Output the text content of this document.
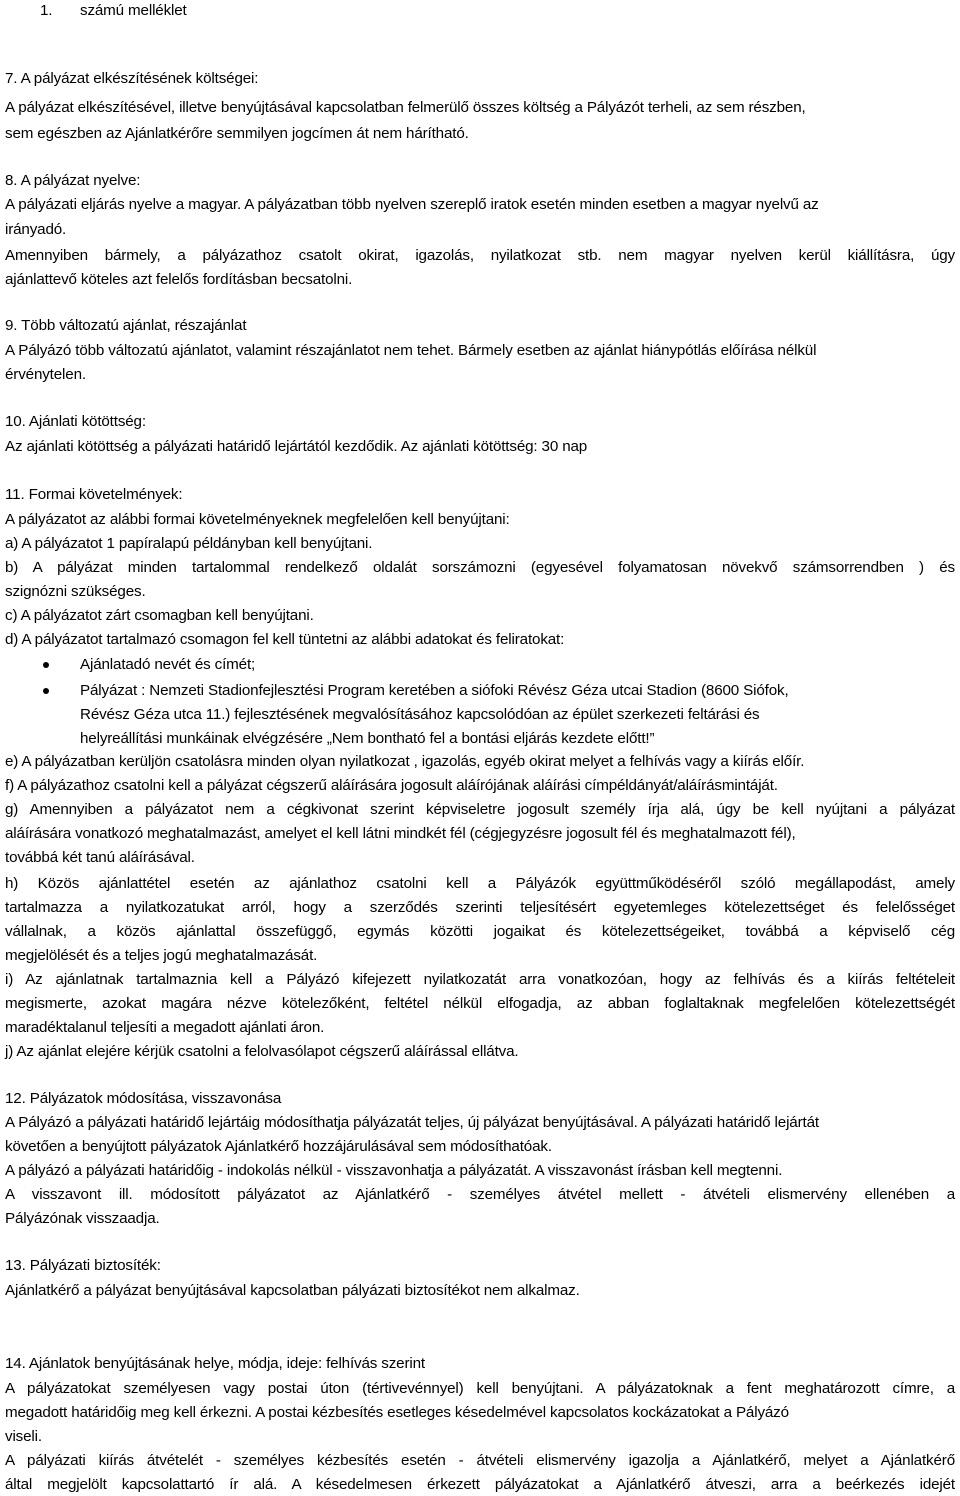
1. számú melléklet
7. A pályázat elkészítésének költségei:
A pályázat elkészítésével, illetve benyújtásával kapcsolatban felmerülő összes költség a Pályázót terheli, az sem részben,
sem egészben az Ajánlatkérőre semmilyen jogcímen át nem hárítható.
8. A pályázat nyelve:
A pályázati eljárás nyelve a magyar. A pályázatban több nyelven szereplő iratok esetén minden esetben a magyar nyelvű az
irányadó.
Amennyiben bármely, a pályázathoz csatolt okirat, igazolás, nyilatkozat stb. nem magyar nyelven kerül kiállításra, úgy
ajánlattevő köteles azt felelős fordításban becsatolni.
9. Több változatú ajánlat, részajánlat
A Pályázó több változatú ajánlatot, valamint részajánlatot nem tehet. Bármely esetben az ajánlat hiánypótlás előírása nélkül
érvénytelen.
10. Ajánlati kötöttség:
Az ajánlati kötöttség a pályázati határidő lejártától kezdődik. Az ajánlati kötöttség: 30 nap
11. Formai követelmények:
A pályázatot az alábbi formai követelményeknek megfelelően kell benyújtani:
a) A pályázatot 1 papíralapú példányban kell benyújtani.
b) A pályázat minden tartalommal rendelkező oldalát sorszámozni (egyesével folyamatosan növekvő számsorrendben ) és
szignózni szükséges.
c) A pályázatot zárt csomagban kell benyújtani.
d) A pályázatot tartalmazó csomagon fel kell tüntetni az alábbi adatokat és feliratokat:
Ajánlatadó nevét és címét;
Pályázat : Nemzeti Stadionfejlesztési Program keretében a siófoki Révész Géza utcai Stadion (8600 Siófok,
Révész Géza utca 11.) fejlesztésének megvalósításához kapcsolódóan az épület szerkezeti feltárási és
helyreállítási munkáinak elvégzésére „Nem bontható fel a bontási eljárás kezdete előtt!”
e) A pályázatban kerüljön csatolásra minden olyan nyilatkozat , igazolás, egyéb okirat melyet a felhívás vagy a kiírás előír.
f) A pályázathoz csatolni kell a pályázat cégszerű aláírására jogosult aláírójának aláírási címpéldányát/aláírásmintáját.
g) Amennyiben a pályázatot nem a cégkivonat szerint képviseletre jogosult személy írja alá, úgy be kell nyújtani a pályázat
aláírására vonatkozó meghatalmazást, amelyet el kell látni mindkét fél (cégjegyzésre jogosult fél és meghatalmazott fél),
továbbá két tanú aláírásával.
h) Közös ajánlattétel esetén az ajánlathoz csatolni kell a Pályázók együttműködéséről szóló megállapodást, amely
tartalmazza a nyilatkozatukat arról, hogy a szerződés szerinti teljesítésért egyetemleges kötelezettséget és felelősséget
vállalnak, a közös ajánlattal összefüggő, egymás közötti jogaikat és kötelezettségeiket, továbbá a képviselő cég
megjelölését és a teljes jogú meghatalmazását.
i) Az ajánlatnak tartalmaznia kell a Pályázó kifejezett nyilatkozatát arra vonatkozóan, hogy az felhívás és a kiírás feltételeit
megismerte, azokat magára nézve kötelezőként, feltétel nélkül elfogadja, az abban foglaltaknak megfelelően kötelezettségét
maradéktalanul teljesíti a megadott ajánlati áron.
j) Az ajánlat elejére kérjük csatolni a felolvasólapot cégszerű aláírással ellátva.
12. Pályázatok módosítása, visszavonása
A Pályázó a pályázati határidő lejártáig módosíthatja pályázatát teljes, új pályázat benyújtásával. A pályázati határidő lejártát
követően a benyújtott pályázatok Ajánlatkérő hozzájárulásával sem módosíthatóak.
A pályázó a pályázati határidőig - indokolás nélkül - visszavonhatja a pályázatát. A visszavonást írásban kell megtenni.
A visszavont ill. módosított pályázatot az Ajánlatkérő - személyes átvétel mellett - átvételi elismervény ellenében a
Pályázónak visszaadja.
13. Pályázati biztosíték:
Ajánlatkérő a pályázat benyújtásával kapcsolatban pályázati biztosítékot nem alkalmaz.
14. Ajánlatok benyújtásának helye, módja, ideje: felhívás szerint
A pályázatokat személyesen vagy postai úton (tértivevénnyel) kell benyújtani. A pályázatoknak a fent meghatározott címre, a
megadott határidőig meg kell érkezni. A postai kézbesítés esetleges késedelmével kapcsolatos kockázatokat a Pályázó
viseli.
A pályázati kiírás átvételét - személyes kézbesítés esetén - átvételi elismervény igazolja a Ajánlatkérő, melyet a Ajánlatkérő
által megjelölt kapcsolattartó ír alá. A késedelmesen érkezett pályázatokat a Ajánlatkérő átveszi, arra a beérkezés idejét
